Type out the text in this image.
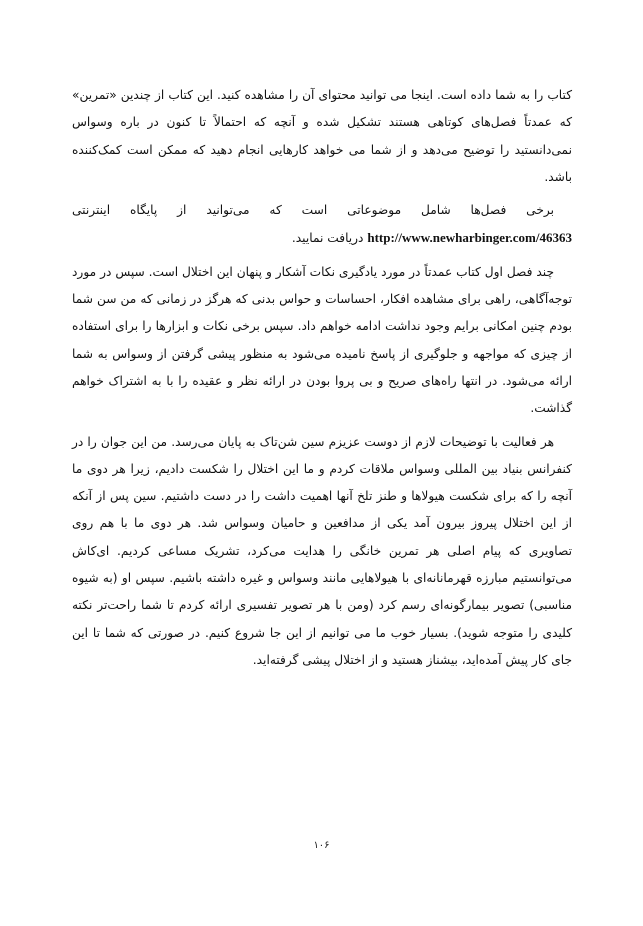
کتاب را به شما داده است. اینجا می توانید محتوای آن را مشاهده کنید. این کتاب از چندین «تمرین» که عمدتاً فصل‌های کوتاهی هستند تشکیل شده و آنچه که احتمالاً تا کنون در باره وسواس نمی‌دانستید را توضیح می‌دهد و از شما می خواهد کارهایی انجام دهید که ممکن است کمک‌کننده باشد.

برخی فصل‌ها شامل موضوعاتی است که می‌توانید از پایگاه اینترنتی http://www.newharbinger.com/46363 دریافت نمایید.

چند فصل اول کتاب عمدتاً در مورد یادگیری نکات آشکار و پنهان این اختلال است. سپس در مورد توجه‌آگاهی، راهی برای مشاهده افکار، احساسات و حواس بدنی که هرگز در زمانی که من سن شما بودم چنین امکانی برایم وجود نداشت ادامه خواهم داد. سپس برخی نکات و ابزارها را برای استفاده از چیزی که مواجهه و جلوگیری از پاسخ نامیده می‌شود به منظور پیشی گرفتن از وسواس به شما ارائه می‌شود. در انتها راه‌های صریح و بی پروا بودن در ارائه نظر و عقیده را با به اشتراک خواهم گذاشت.

هر فعالیت با توضیحات لازم از دوست عزیزم سین شن‌تاک به پایان می‌رسد. من این جوان را در کنفرانس بنیاد بین المللی وسواس ملاقات کردم و ما این اختلال را شکست دادیم، زیرا هر دوی ما آنچه را که برای شکست هیولاها و طنز تلخ آنها اهمیت داشت را در دست داشتیم. سین پس از آنکه از این اختلال پیروز بیرون آمد یکی از مدافعین و حامیان وسواس شد. هر دوی ما با هم روی تصاویری که پیام اصلی هر تمرین خانگی را هدایت می‌کرد، تشریک مساعی کردیم. ای‌کاش می‌توانستیم مبارزه قهرمانانه‌ای با هیولاهایی مانند وسواس و غیره داشته باشیم. سپس او (به شیوه مناسبی) تصویر بیمارگونه‌ای رسم کرد (ومن با هر تصویر تفسیری ارائه کردم تا شما راحت‌تر نکته کلیدی را متوجه شوید). بسیار خوب ما می توانیم از این جا شروع کنیم. در صورتی که شما تا این جای کار پیش آمده‌اید، بیشناز هستید و از اختلال پیشی گرفته‌اید.

۱۰۶
